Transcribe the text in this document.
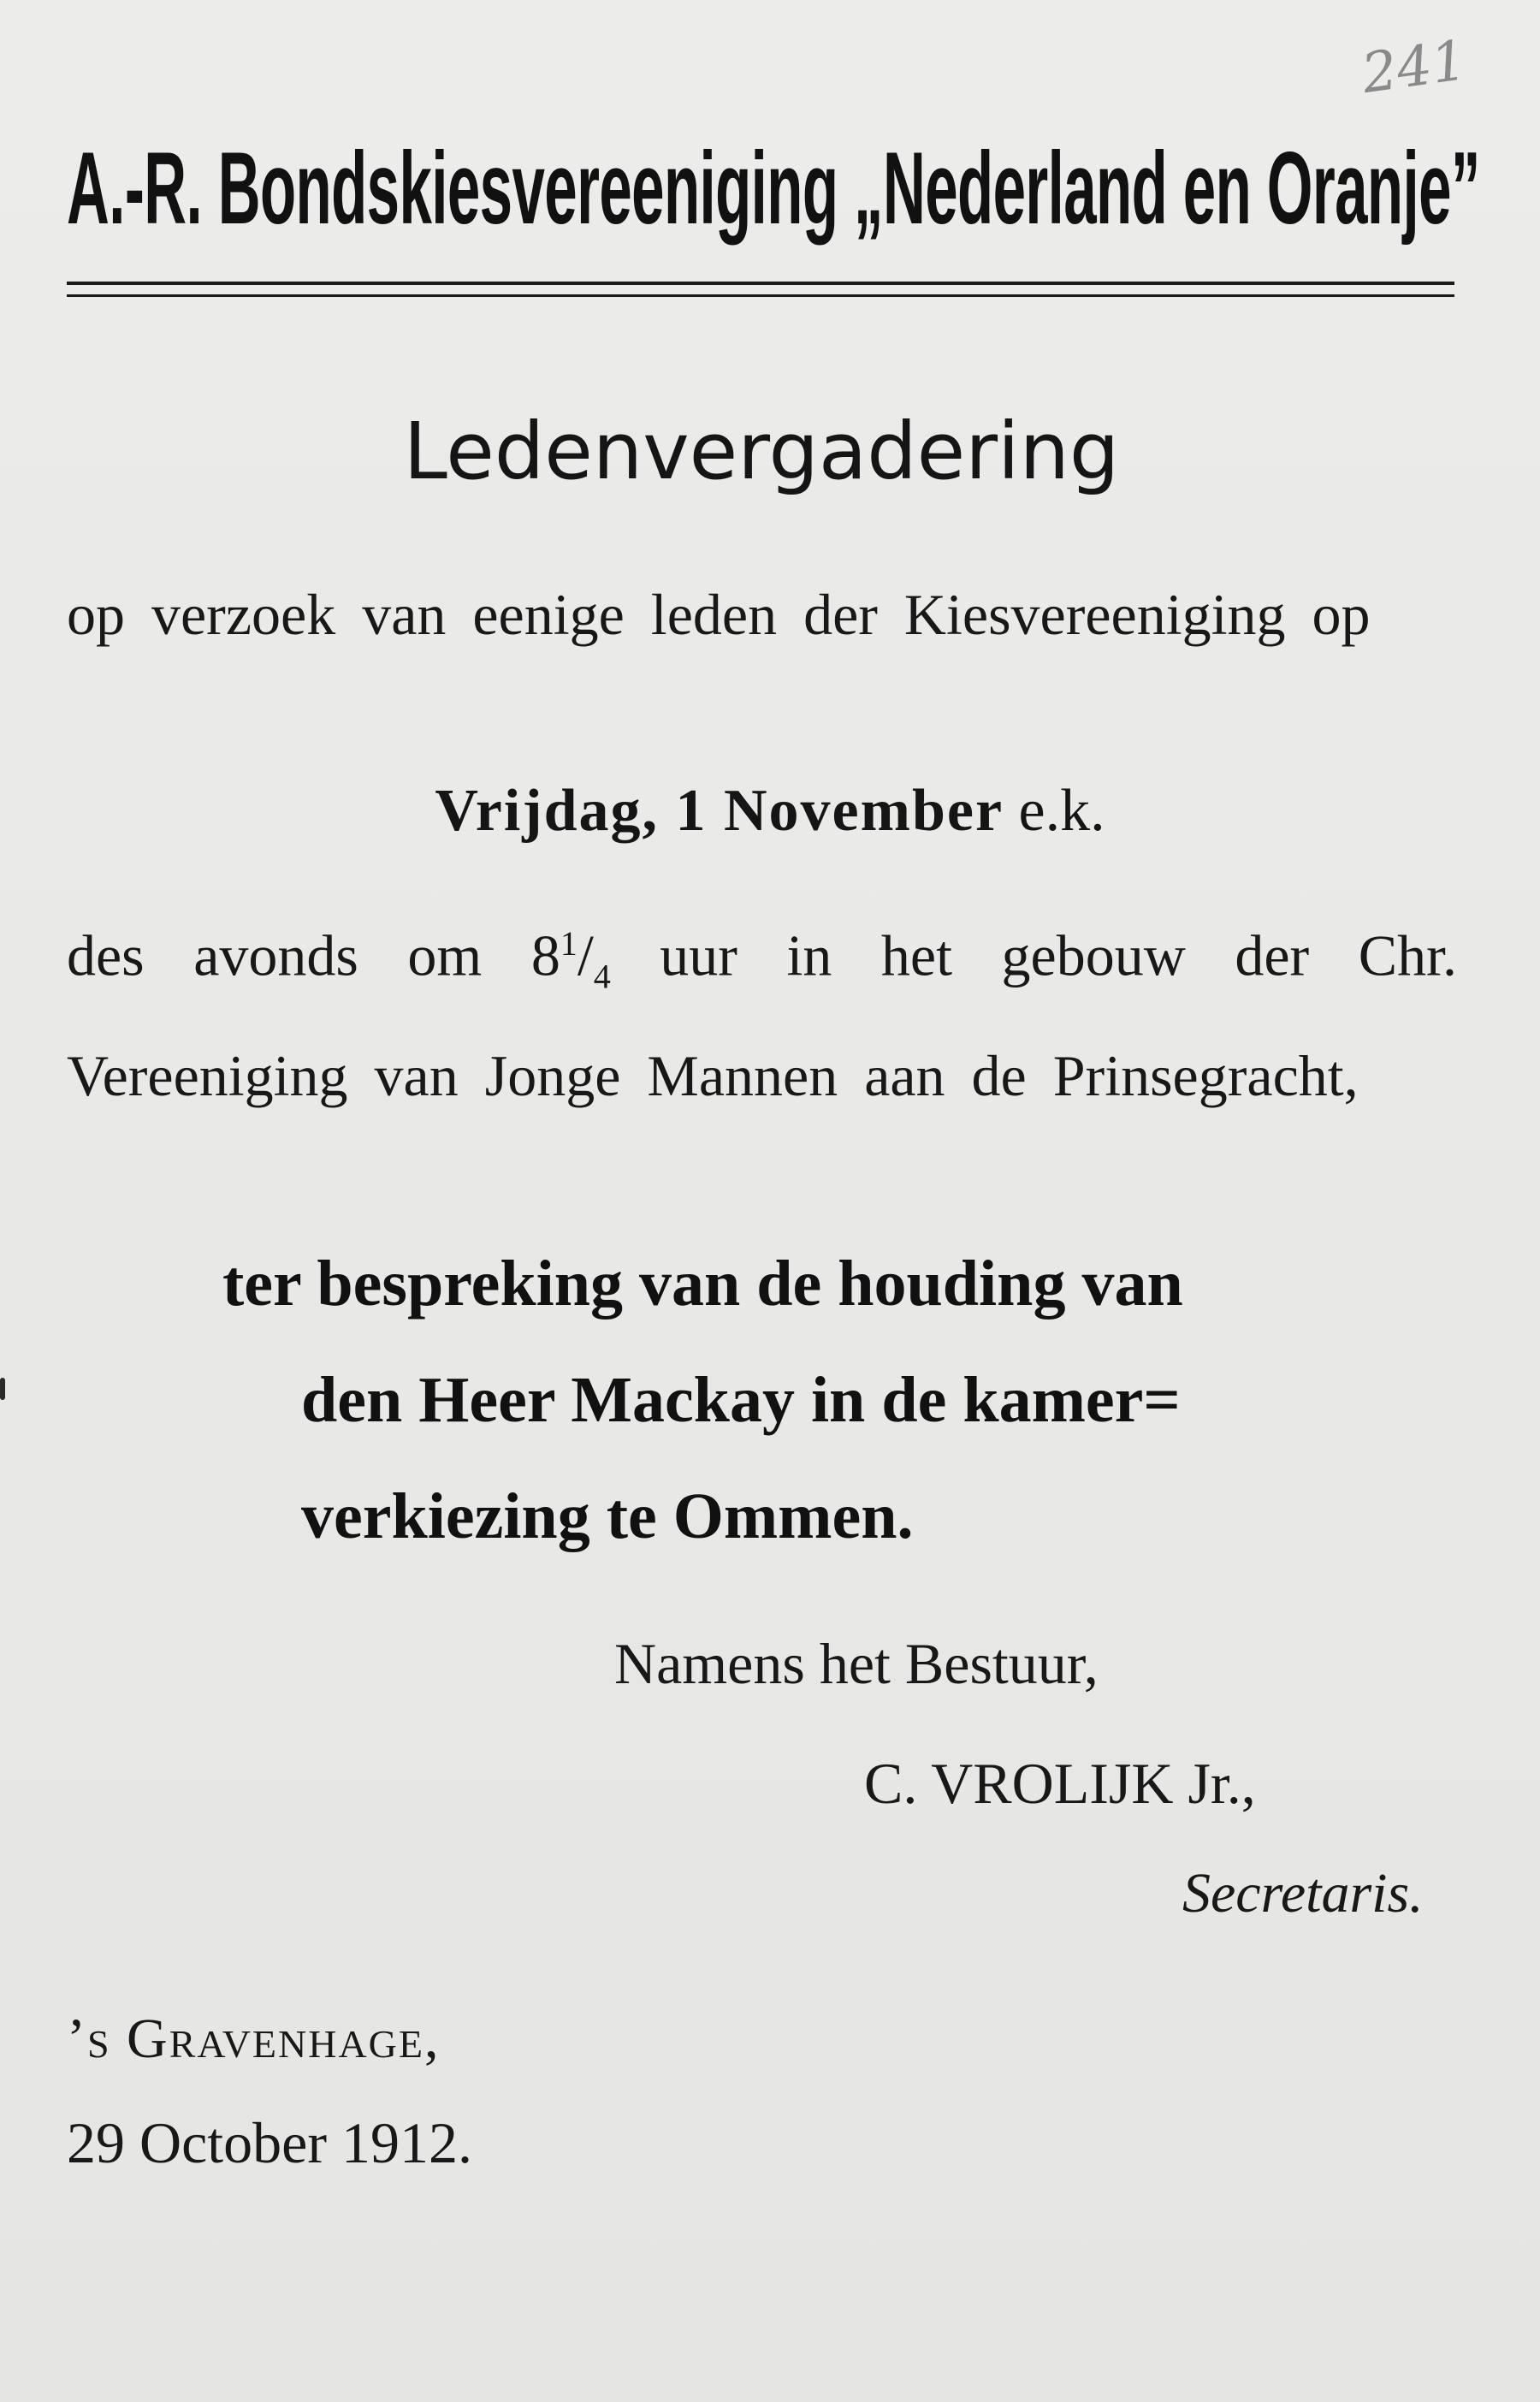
241
A.-R. Bondskiesvereeniging „Nederland en Oranje”
Ledenvergadering
op verzoek van eenige leden der Kiesvereeniging op
Vrijdag, 1 November e.k.
des avonds om $8^1/_4$ uur in het gebouw der Chr. Vereeniging van Jonge Mannen aan de Prinsegracht,
ter bespreking van de houding van
den Heer Mackay in de kamer=
verkiezing te Ommen.
Namens het Bestuur,
C. VROLIJK Jr.,
Secretaris.
’s Gravenhage,
29 October 1912.
